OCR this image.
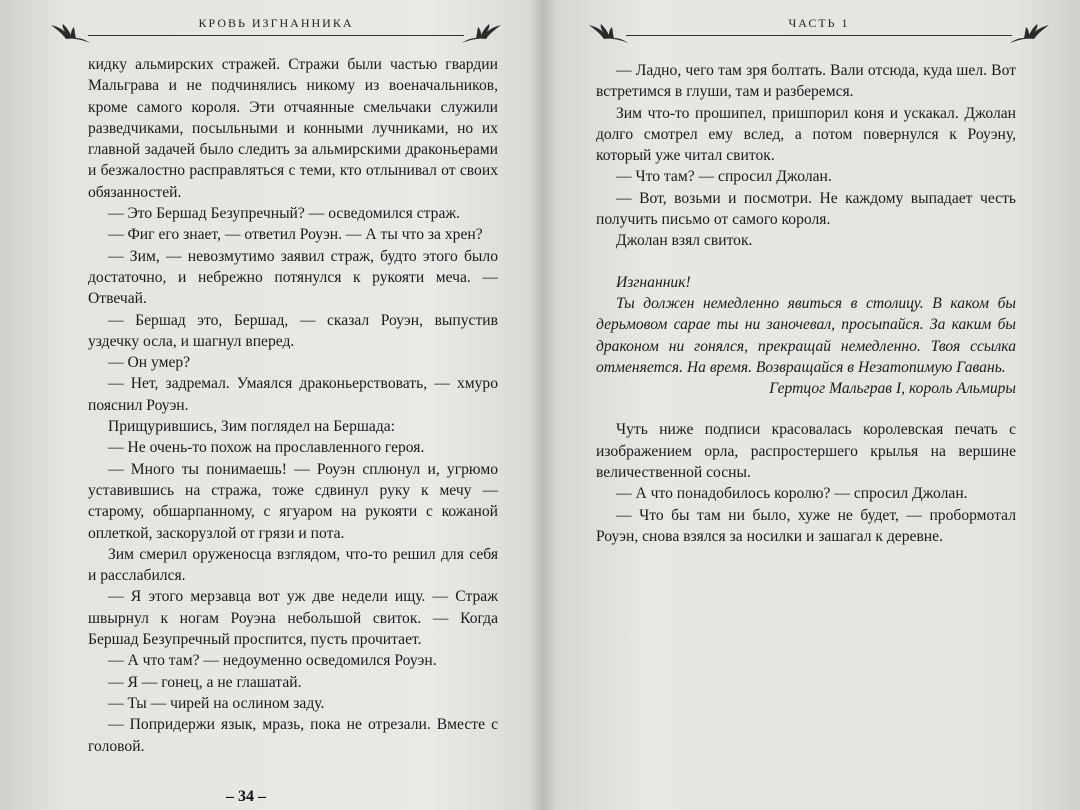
КРОВЬ ИЗГНАННИКА

кидку альмирских стражей. Стражи были частью гвардии Мальграва и не подчинялись никому из военачальников, кроме самого короля. Эти отчаянные смельчаки служили разведчиками, посыльными и конными лучниками, но их главной задачей было следить за альмирскими драконьерами и безжалостно расправляться с теми, кто отлынивал от своих обязанностей.

— Это Бершад Безупречный? — осведомился страж.

— Фиг его знает, — ответил Роуэн. — А ты что за хрен?

— Зим, — невозмутимо заявил страж, будто этого было достаточно, и небрежно потянулся к рукояти меча. — Отвечай.

— Бершад это, Бершад, — сказал Роуэн, выпустив уздечку осла, и шагнул вперед.

— Он умер?

— Нет, задремал. Умаялся драконьерствовать, — хмуро пояснил Роуэн.

Прищурившись, Зим поглядел на Бершада:

— Не очень-то похож на прославленного героя.

— Много ты понимаешь! — Роуэн сплюнул и, угрюмо уставившись на стража, тоже сдвинул руку к мечу — старому, обшарпанному, с ягуаром на рукояти с кожаной оплеткой, заскорузлой от грязи и пота.

Зим смерил оруженосца взглядом, что-то решил для себя и расслабился.

— Я этого мерзавца вот уж две недели ищу. — Страж швырнул к ногам Роуэна небольшой свиток. — Когда Бершад Безупречный проспится, пусть прочитает.

— А что там? — недоуменно осведомился Роуэн.

— Я — гонец, а не глашатай.

— Ты — чирей на ослином заду.

— Попридержи язык, мразь, пока не отрезали. Вместе с головой.

– 34 –
ЧАСТЬ 1

— Ладно, чего там зря болтать. Вали отсюда, куда шел. Вот встретимся в глуши, там и разберемся.

Зим что-то прошипел, пришпорил коня и ускакал. Джолан долго смотрел ему вслед, а потом повернулся к Роуэну, который уже читал свиток.

— Что там? — спросил Джолан.

— Вот, возьми и посмотри. Не каждому выпадает честь получить письмо от самого короля.

Джолан взял свиток.

Изгнанник!

Ты должен немедленно явиться в столицу. В каком бы дерьмовом сарае ты ни заночевал, просыпайся. За каким бы драконом ни гонялся, прекращай немедленно. Твоя ссылка отменяется. На время. Возвращайся в Незатопимую Гавань.

Гертцог Мальграв I, король Альмиры

Чуть ниже подписи красовалась королевская печать с изображением орла, распростершего крылья на вершине величественной сосны.

— А что понадобилось королю? — спросил Джолан.

— Что бы там ни было, хуже не будет, — пробормотал Роуэн, снова взялся за носилки и зашагал к деревне.
